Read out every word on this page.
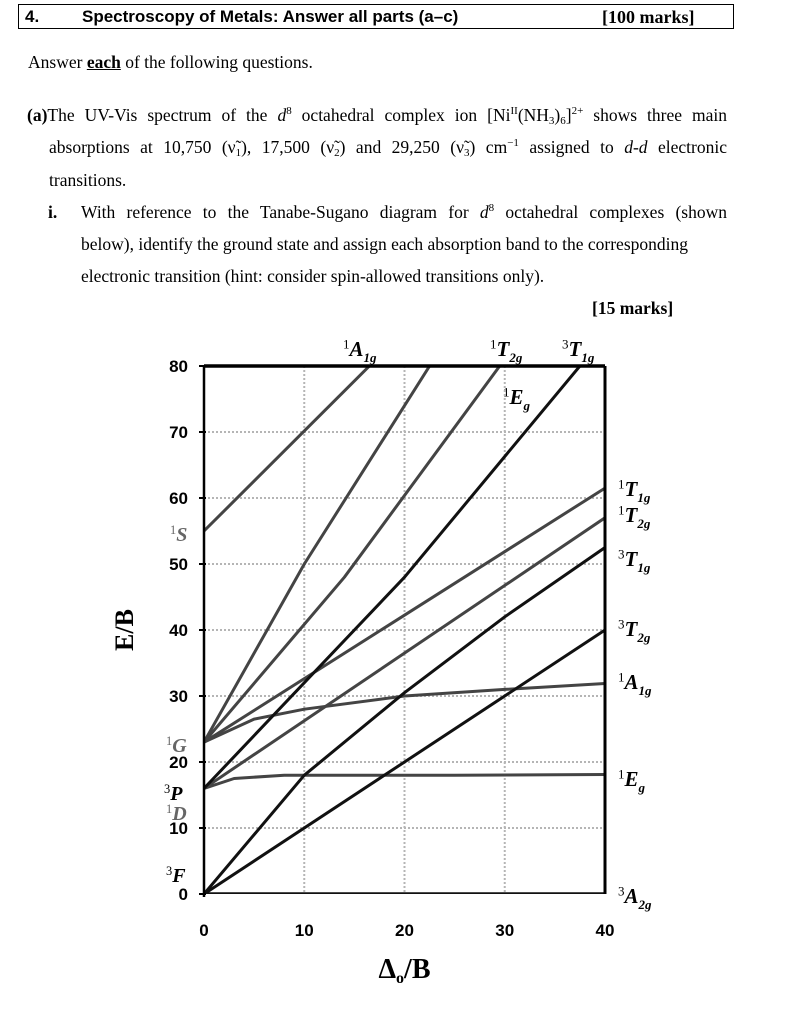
4.	Spectroscopy of Metals: Answer all parts (a–c)	[100 marks]
Answer each of the following questions.
(a)The UV-Vis spectrum of the $d^8$ octahedral complex ion $[Ni^{II}(NH_3)_6]^{2+}$ shows three main
absorptions at 10,750 $(\nũ_1)$, 17,500 $(\nũ_2)$ and 29,250 $(\nũ_3)$ $cm^{-1}$ assigned to d-d electronic
transitions.
i. With reference to the Tanabe-Sugano diagram for $d^8$ octahedral complexes (shown
below), identify the ground state and assign each absorption band to the corresponding
electronic transition (hint: consider spin-allowed transitions only).
[15 marks]
0
10
20
30
40
50
60
70
80
0	10	20	30	40
E/B
Δo/B
$^1$S
$^1$G
$^3$P
$^1$D
$^3$F
$^1A_{1g}$
$^1T_{2g}$
$^3T_{1g}$
$^1E_g$
$^1T_{1g}$
$^1T_{2g}$
$^3T_{1g}$
$^3T_{2g}$
$^1A_{1g}$
$^1E_g$
$^3A_{2g}$
